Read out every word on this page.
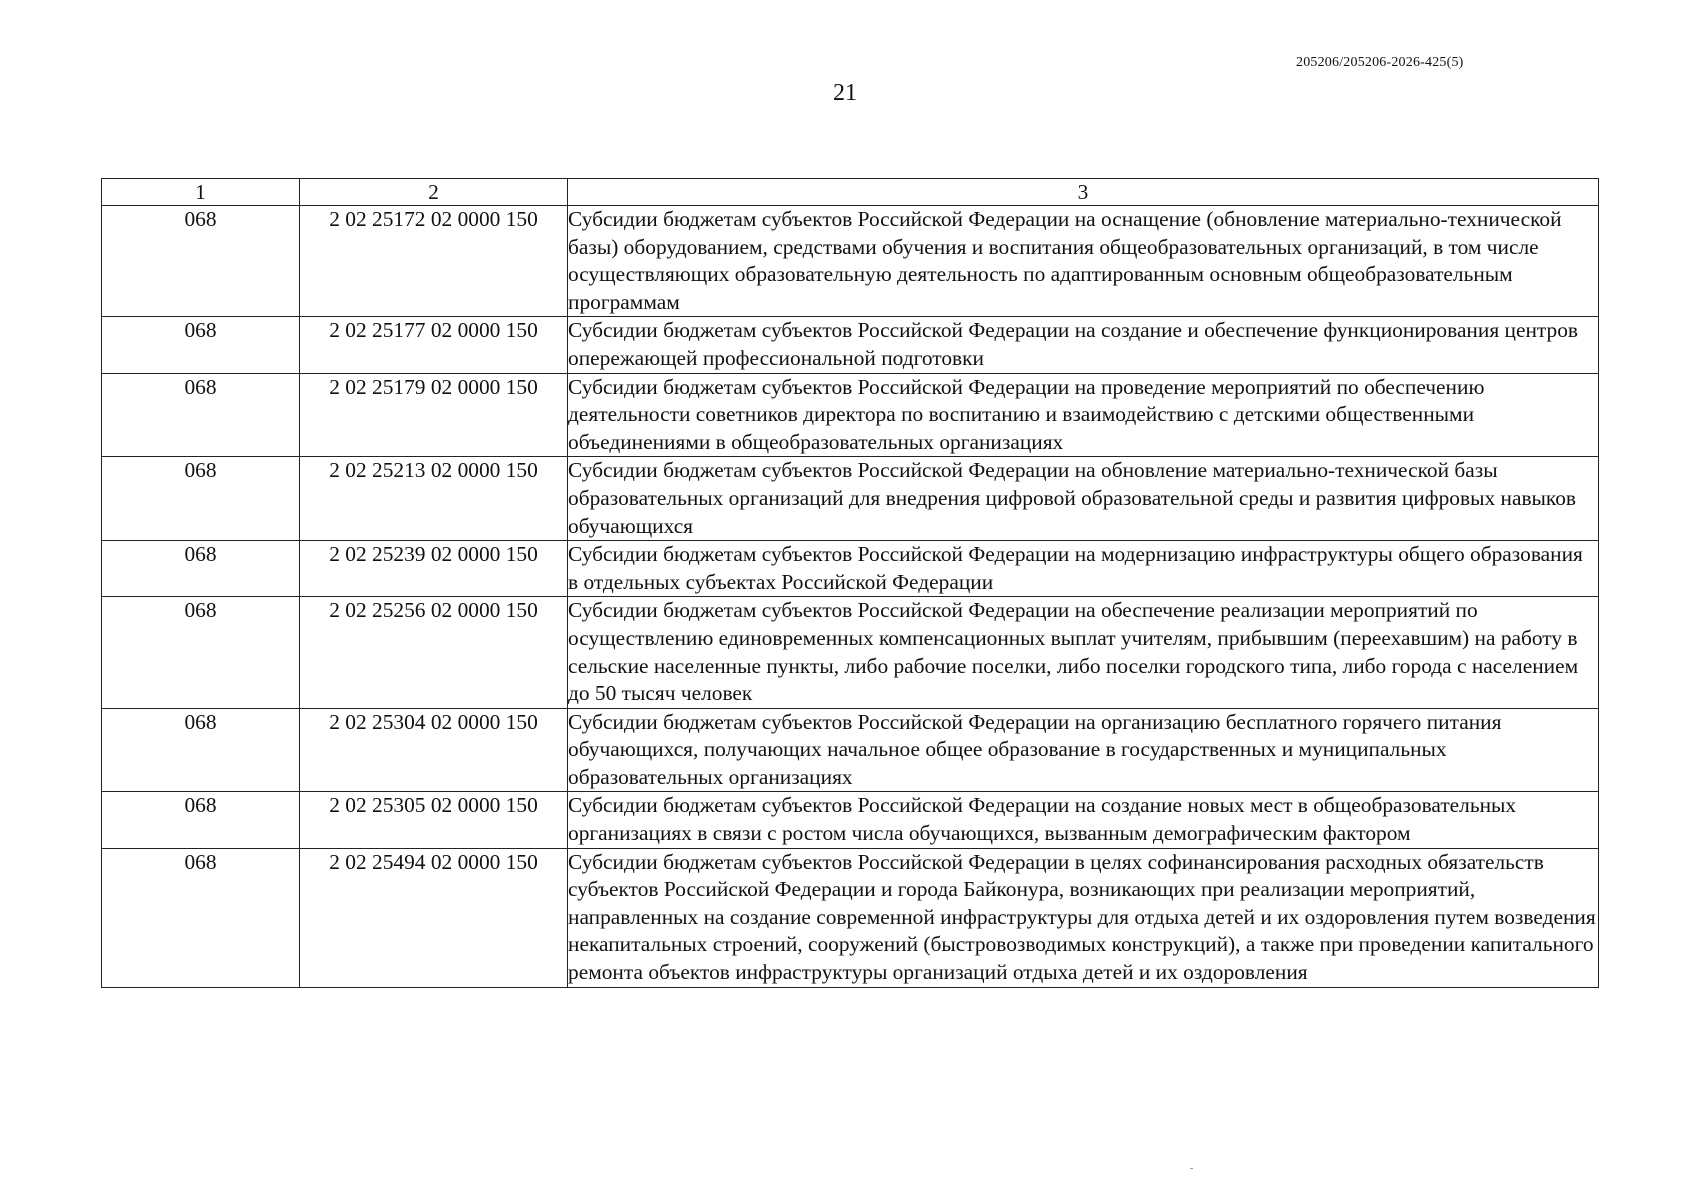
205206/205206-2026-425(5)
21
1	2	3
068	2 02 25172 02 0000 150	Субсидии бюджетам субъектов Российской Федерации на оснащение (обновление материально-технической базы) оборудованием, средствами обучения и воспитания общеобразовательных организаций, в том числе осуществляющих образовательную деятельность по адаптированным основным общеобразовательным программам
068	2 02 25177 02 0000 150	Субсидии бюджетам субъектов Российской Федерации на создание и обеспечение функционирования центров опережающей профессиональной подготовки
068	2 02 25179 02 0000 150	Субсидии бюджетам субъектов Российской Федерации на проведение мероприятий по обеспечению деятельности советников директора по воспитанию и взаимодействию с детскими общественными объединениями в общеобразовательных организациях
068	2 02 25213 02 0000 150	Субсидии бюджетам субъектов Российской Федерации на обновление материально-технической базы образовательных организаций для внедрения цифровой образовательной среды и развития цифровых навыков обучающихся
068	2 02 25239 02 0000 150	Субсидии бюджетам субъектов Российской Федерации на модернизацию инфраструктуры общего образования в отдельных субъектах Российской Федерации
068	2 02 25256 02 0000 150	Субсидии бюджетам субъектов Российской Федерации на обеспечение реализации мероприятий по осуществлению единовременных компенсационных выплат учителям, прибывшим (переехавшим) на работу в сельские населенные пункты, либо рабочие поселки, либо поселки городского типа, либо города с населением до 50 тысяч человек
068	2 02 25304 02 0000 150	Субсидии бюджетам субъектов Российской Федерации на организацию бесплатного горячего питания обучающихся, получающих начальное общее образование в государственных и муниципальных образовательных организациях
068	2 02 25305 02 0000 150	Субсидии бюджетам субъектов Российской Федерации на создание новых мест в общеобразовательных организациях в связи с ростом числа обучающихся, вызванным демографическим фактором
068	2 02 25494 02 0000 150	Субсидии бюджетам субъектов Российской Федерации в целях софинансирования расходных обязательств субъектов Российской Федерации и города Байконура, возникающих при реализации мероприятий, направленных на создание современной инфраструктуры для отдыха детей и их оздоровления путем возведения некапитальных строений, сооружений (быстровозводимых конструкций), а также при проведении капитального ремонта объектов инфраструктуры организаций отдыха детей и их оздоровления
